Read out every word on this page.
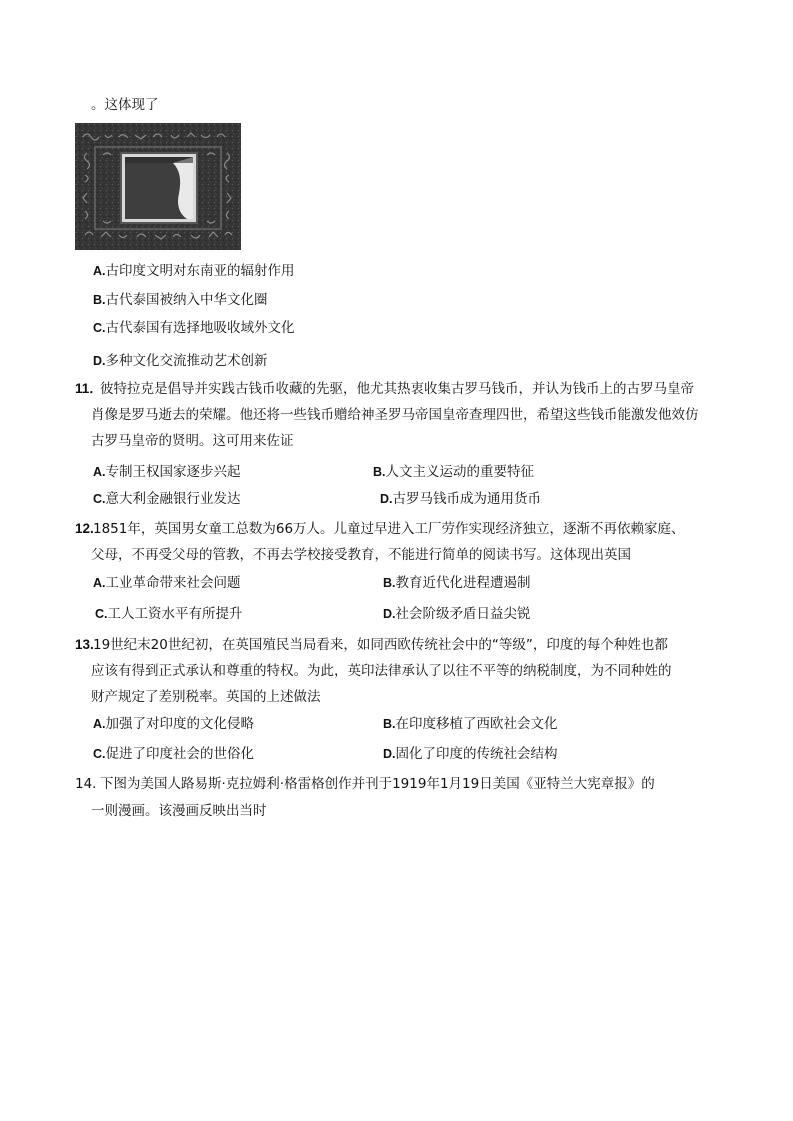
。这体现了
A.古印度文明对东南亚的辐射作用
B.古代泰国被纳入中华文化圈
C.古代泰国有选择地吸收域外文化
D.多种文化交流推动艺术创新
11．
彼特拉克是倡导并实践古钱币收藏的先驱，他尤其热衷收集古罗马钱币，并认为钱币上的古罗马皇帝
肖像是罗马逝去的荣耀。他还将一些钱币赠给神圣罗马帝国皇帝查理四世，希望这些钱币能激发他效仿
古罗马皇帝的贤明。这可用来佐证
A.专制王权国家逐步兴起	B.人文主义运动的重要特征
C.意大利金融银行业发达	D.古罗马钱币成为通用货币
12. 1851年，英国男女童工总数为66万人。儿童过早进入工厂劳作实现经济独立，逐渐不再依赖家庭、
父母，不再受父母的管教，不再去学校接受教育，不能进行简单的阅读书写。这体现出英国
A.工业革命带来社会问题	B.教育近代化进程遭遏制
C.工人工资水平有所提升	D.社会阶级矛盾日益尖锐
13. 19世纪末20世纪初，在英国殖民当局看来，如同西欧传统社会中的“等级”，印度的每个种姓也都
应该有得到正式承认和尊重的特权。为此，英印法律承认了以往不平等的纳税制度，为不同种姓的
财产规定了差别税率。英国的上述做法
A.加强了对印度的文化侵略	B.在印度移植了西欧社会文化
C.促进了印度社会的世俗化	D.固化了印度的传统社会结构
14．
下图为美国人路易斯·克拉姆利·格雷格创作并刊于1919年1月19日美国《亚特兰大宪章报》的
一则漫画。该漫画反映出当时
